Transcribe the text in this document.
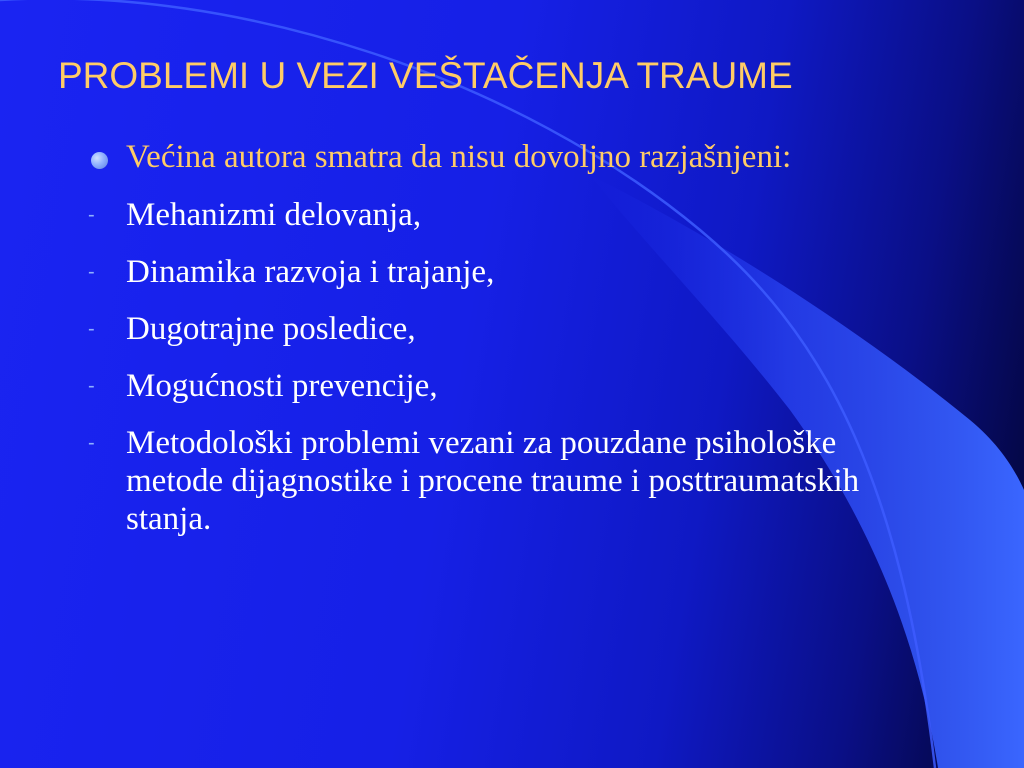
PROBLEMI U VEZI VEŠTAČENJA TRAUME
Većina autora smatra da nisu dovoljno razjašnjeni:
- Mehanizmi delovanja,
- Dinamika razvoja i trajanje,
- Dugotrajne posledice,
- Mogućnosti prevencije,
- Metodološki problemi vezani za pouzdane psihološke metode dijagnostike i procene traume i posttraumatskih stanja.
